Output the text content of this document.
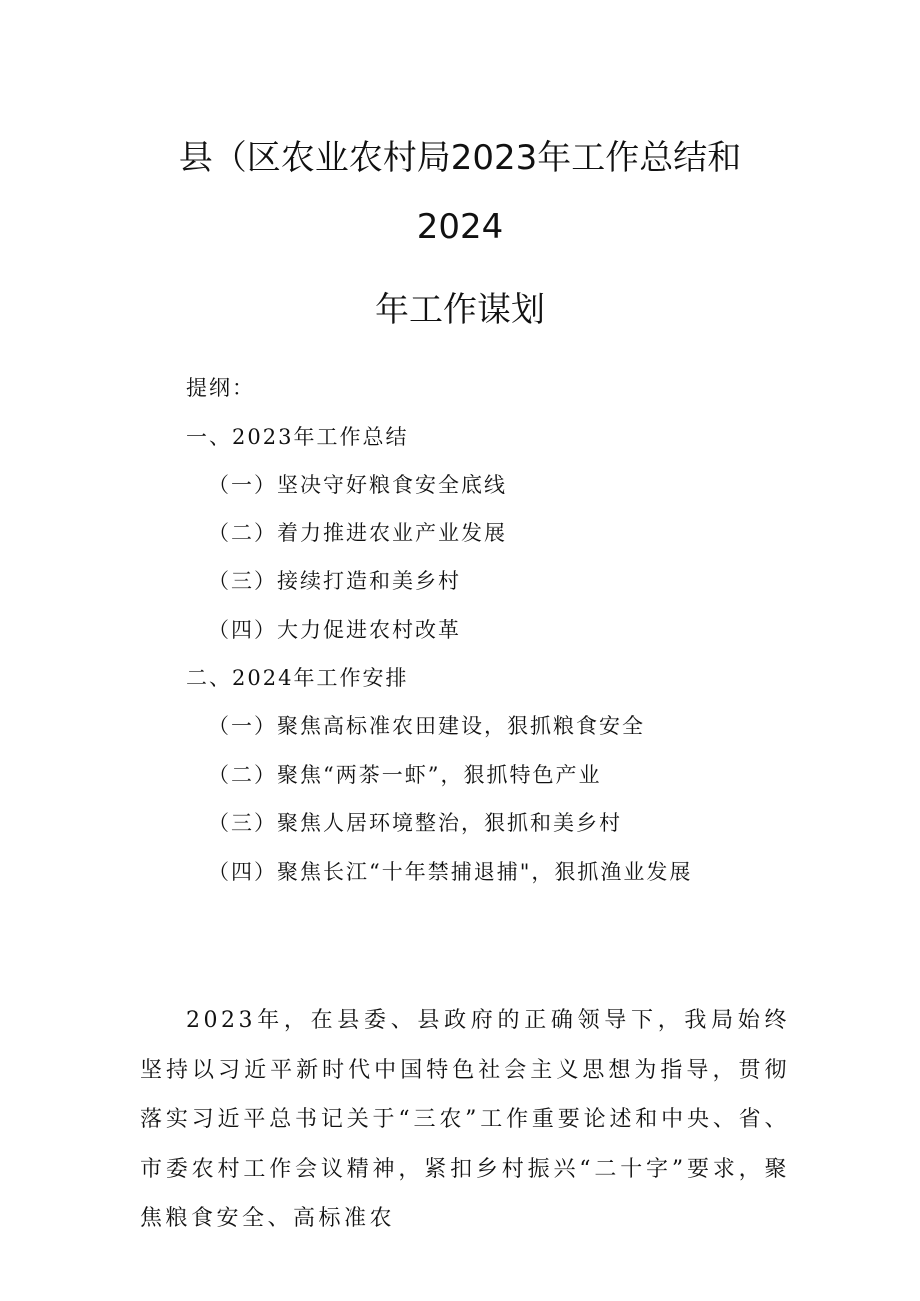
县（区农业农村局2023年工作总结和
2024
年工作谋划
提纲：
一、2023年工作总结
（一）坚决守好粮食安全底线
（二）着力推进农业产业发展
（三）接续打造和美乡村
（四）大力促进农村改革
二、2024年工作安排
（一）聚焦高标准农田建设，狠抓粮食安全
（二）聚焦“两茶一虾”，狠抓特色产业
（三）聚焦人居环境整治，狠抓和美乡村
（四）聚焦长江“十年禁捕退捕"，狠抓渔业发展

2023年，在县委、县政府的正确领导下，我局始终坚持以习近平新时代中国特色社会主义思想为指导，贯彻落实习近平总书记关于“三农”工作重要论述和中央、省、市委农村工作会议精神，紧扣乡村振兴“二十字”要求，聚焦粮食安全、高标准农
